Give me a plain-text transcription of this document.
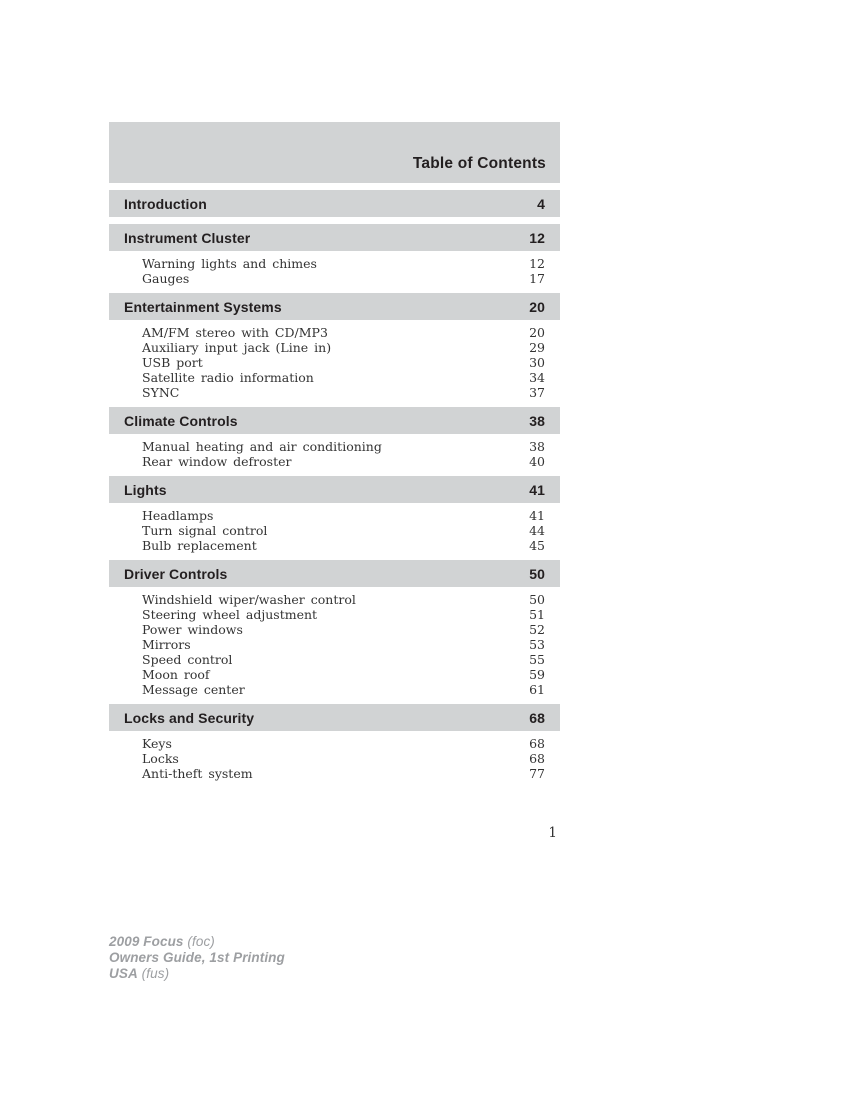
Table of Contents
Introduction	4
Instrument Cluster	12
Warning lights and chimes	12
Gauges	17
Entertainment Systems	20
AM/FM stereo with CD/MP3	20
Auxiliary input jack (Line in)	29
USB port	30
Satellite radio information	34
SYNC	37
Climate Controls	38
Manual heating and air conditioning	38
Rear window defroster	40
Lights	41
Headlamps	41
Turn signal control	44
Bulb replacement	45
Driver Controls	50
Windshield wiper/washer control	50
Steering wheel adjustment	51
Power windows	52
Mirrors	53
Speed control	55
Moon roof	59
Message center	61
Locks and Security	68
Keys	68
Locks	68
Anti-theft system	77
1
2009 Focus (foc)
Owners Guide, 1st Printing
USA (fus)
